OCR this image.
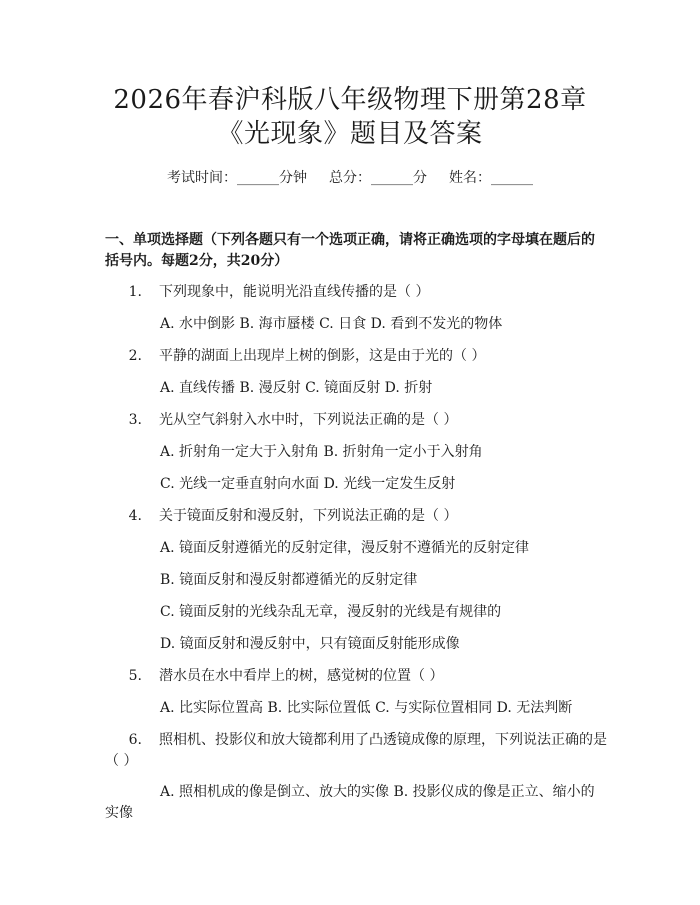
2026年春沪科版八年级物理下册第28章
《光现象》题目及答案
考试时间：______分钟 总分：______分 姓名：______
一、单项选择题（下列各题只有一个选项正确，请将正确选项的字母填在题后的
括号内。每题2分，共20分）
1. 下列现象中，能说明光沿直线传播的是（ ）
A. 水中倒影 B. 海市蜃楼 C. 日食 D. 看到不发光的物体
2. 平静的湖面上出现岸上树的倒影，这是由于光的（ ）
A. 直线传播 B. 漫反射 C. 镜面反射 D. 折射
3. 光从空气斜射入水中时，下列说法正确的是（ ）
A. 折射角一定大于入射角 B. 折射角一定小于入射角
C. 光线一定垂直射向水面 D. 光线一定发生反射
4. 关于镜面反射和漫反射，下列说法正确的是（ ）
A. 镜面反射遵循光的反射定律，漫反射不遵循光的反射定律
B. 镜面反射和漫反射都遵循光的反射定律
C. 镜面反射的光线杂乱无章，漫反射的光线是有规律的
D. 镜面反射和漫反射中，只有镜面反射能形成像
5. 潜水员在水中看岸上的树，感觉树的位置（ ）
A. 比实际位置高 B. 比实际位置低 C. 与实际位置相同 D. 无法判断
6. 照相机、投影仪和放大镜都利用了凸透镜成像的原理，下列说法正确的是
（ ）
A. 照相机成的像是倒立、放大的实像 B. 投影仪成的像是正立、缩小的
实像
